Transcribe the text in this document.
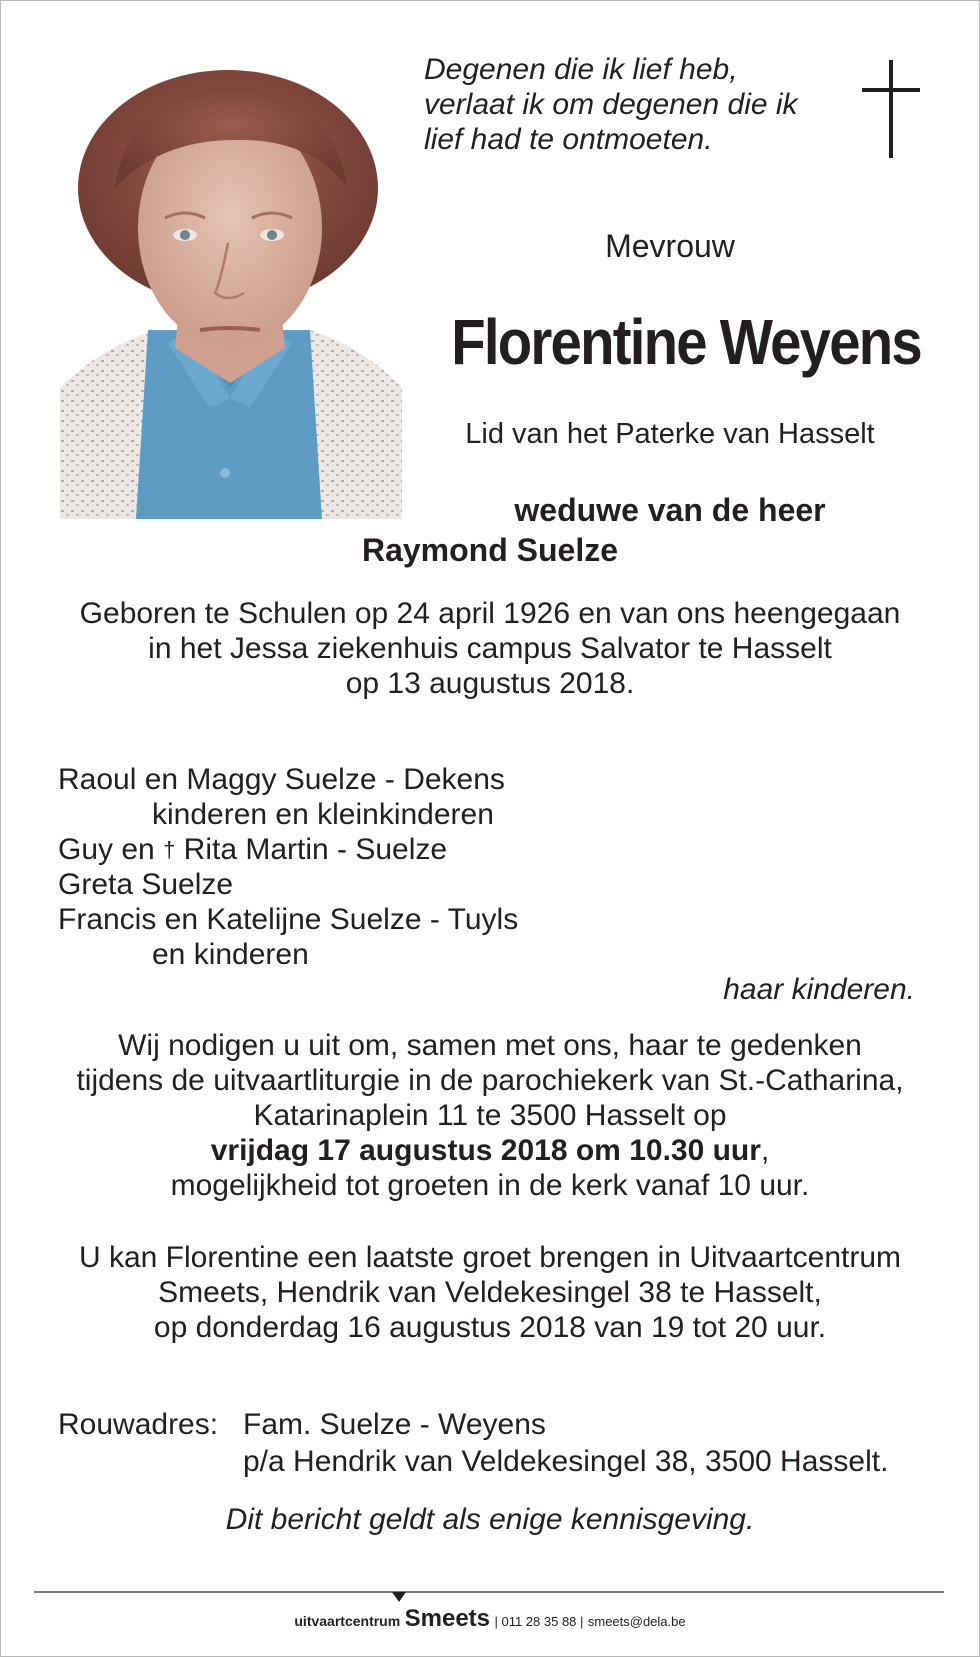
Degenen die ik lief heb,
verlaat ik om degenen die ik
lief had te ontmoeten.
Mevrouw
Florentine Weyens
Lid van het Paterke van Hasselt
weduwe van de heer
Raymond Suelze
Geboren te Schulen op 24 april 1926 en van ons heengegaan
in het Jessa ziekenhuis campus Salvator te Hasselt
op 13 augustus 2018.
Raoul en Maggy Suelze - Dekens
kinderen en kleinkinderen
Guy en † Rita Martin - Suelze
Greta Suelze
Francis en Katelijne Suelze - Tuyls
en kinderen
haar kinderen.
Wij nodigen u uit om, samen met ons, haar te gedenken
tijdens de uitvaartliturgie in de parochiekerk van St.-Catharina,
Katarinaplein 11 te 3500 Hasselt op
vrijdag 17 augustus 2018 om 10.30 uur,
mogelijkheid tot groeten in de kerk vanaf 10 uur.
U kan Florentine een laatste groet brengen in Uitvaartcentrum
Smeets, Hendrik van Veldekesingel 38 te Hasselt,
op donderdag 16 augustus 2018 van 19 tot 20 uur.
Rouwadres: Fam. Suelze - Weyens
p/a Hendrik van Veldekesingel 38, 3500 Hasselt.
Dit bericht geldt als enige kennisgeving.
uitvaartcentrum Smeets | 011 28 35 88 | smeets@dela.be
